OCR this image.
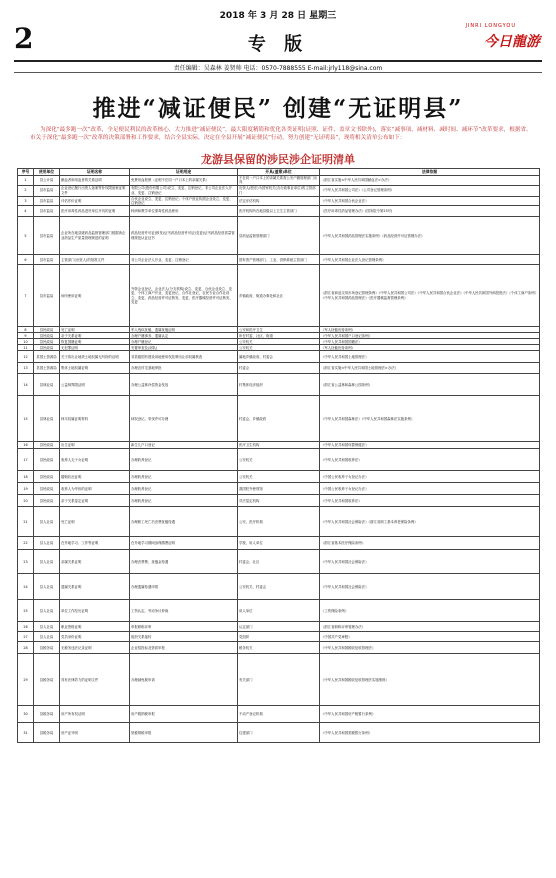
2018 年 3 月 28 日 星期三
2	专 版
JINRI LONGYOU
今日龍游
责任编辑：吴森林 姜贤帅 电话：0570-7888555 E-mail:jrly118@sina.com
推进“减证便民” 创建“无证明县”

为深化“最多跑一次”改革，全足便民利民的改革核心，大力推进“减证便民”，最大限度精简和优化各类证明(证照、证件、盖章文书除外)，落实“减事项、减材料、减时间、减环节”改革要求，根据省、市关于深化“最多跑一次”改革的决策部署和工作要求，结合全县实际，决定在全县开展“减证便民”行动，努力创建“无证明县”，现将相关清单公布如下：

龙游县保留的涉民涉企证明清单
序号	使用单位	证明名称	证明用途	开具(盖章)单位	法律依据
1	县公计局	献血者和用血者的关系证明	免费用血报销（证明不在同一户口本上的亲属关系）	不在同一户口本上的亲属关系需公安户籍管理部门出具	《浙江省实施<中华人民共和国献血法>办法》
2	县市监局	企业登记履行出资人备案等补权限备案证明文件	有限公司(股份有限公司)设立、变更、注销登记，非公司企业法人开业、变更、注销登记	出资人(股东)为国家机关(含行政事业单位)的主管部门	《中华人民共和国公司法》《公司登记管理条例》
3	县市监局	评估作价证明	合伙企业设立、变更、注销登记；个体户营业执照企业设立、变更、注销登记	法定评估机构	《中华人民共和国合伙企业法》
4	县市监局	医疗用毒性药品进货单位开具的证明	科研和教学单位需毒性药品使用	医疗机构所在地县级以上卫生主管部门	《医疗用毒性药品管理办法》(国务院令第23号)
5	县市监局	企业所在地县级药品监督管理部门根据该企业药品生产质量管理规范的证明	药品经营许可证(核发)证书药品经营许可证(变更)证书药品经营质量管理规范认证证书	县药品监督管理部门	《中华人民共和国药品管理法实施条例》《药品经营许可证管理办法》
6	县市监局	主管部门(出资人)的批准文件	非公司企业法人开业、变更、注销登记	国有资产管理部门、工业、供销系统主管部门	《中华人民共和国企业法人登记管理条例》
7	县市监局	场所使用证明	外资企业登记，企业法人(分支机构)设立、变更，合伙企业设立、变更，个体工商户开业、变更登记，合作社登记，农民专业合作社设立、变更，药品经营许可证核发、变更，医疗器械经营许可证核发、变更	乡镇政府、街道办事处和社区	《浙江省商品交易市场登记管理条例》《中华人民共和国公司法》《中华人民共和国合伙企业法》《中华人民共和国外商投资法》《个体工商户条例》《中华人民共和国药品管理法》《医疗器械监督管理条例》
8	县民政局	死亡证明	军人残疾抚恤、遗属抚恤证明	公安和医疗卫生	《军人抚恤优待条例》
9	县民政局	亲子关系证明	办理户籍事务、遗属认定	所在村委、社区、街道	《中华人民共和国户口登记条例》
10	县民政局	恢复国籍证明	办理户籍登记	公安机关	《中华人民共和国国籍法》
11	县民政局	无犯罪证明	安置审查及(部队)	公安机关	《军人抚恤优待条例》
12	县国土资源局	关于拟出让地块土地权属无纠纷的证明	非县级国有建设用地使用权挂牌出让前权属核查	属地乡镇政府、村委会	《中华人民共和国土地管理法》
13	县国土资源局	集体土地权属证明	办理农村宅基地审批	村委会	《浙江省实施<中华人民共和国土地管理法>办法》
14	县林业局	公益林界限证明	办理公益林补偿资金发放	村集体经济组织	《浙江省公益林和森林公园条例》
15	县林业局	林木权属证明材料	林权登记、采伐许可办理	村委会、乡镇政府	《中华人民共和国森林法》《中华人民共和国森林法实施条例》
16	县民政局	出生证明	新生儿户口登记	医疗卫生机构	《中华人民共和国母婴保健法》
17	县民政局	收养人无子女证明	办理收养登记	公安机关	《中华人民共和国收养法》
18	县民政局	婚姻状况证明	办理收养登记	公安机关	《中国公民收养子女登记办法》
19	县民政局	收养人为华侨的证明	办理收养登记	我国驻外使领馆	《中国公民收养子女登记办法》
20	县民政局	亲子关系鉴定证明	办理收养登记	司法鉴定机构	《中华人民共和国收养法》
21	县人社局	死亡证明	办理职工死亡后丧葬抚恤待遇	公安、医疗机构	《中华人民共和国社会保险法》《浙江省职工基本养老保险条例》
22	县人社局	在外地学习、工作等证明	在外地学习期间参保缴费证明	学校、用人单位	《浙江省基本医疗保险条例》
23	县人社局	亲属关系证明	办理丧葬费、抚恤金待遇	村委会、社区	《中华人民共和国社会保险法》
24	县人社局	遗属关系证明	办理遗属待遇申领	公安机关、村委会	《中华人民共和国社会保险法》
25	县人社局	单位工作经历证明	工伤认定、劳动争议仲裁	用人单位	《工伤保险条例》
26	县人社局	职业资格证明	申报职称评审	认定部门	《浙江省职称评审管理办法》
27	县人社局	党员身份证明	组织关系接转	党组织	《中国共产党章程》
28	县税务局	无税务违法记录证明	企业招投标及资质申报	税务机关	《中华人民共和国税收征收管理法》
29	县税务局	具有法律效力的证明文件	办理减免税申请	有关部门	《中华人民共和国税收征收管理法实施细则》
30	县税务局	房产所有权证明	房产税纳税申报	不动产登记机构	《中华人民共和国房产税暂行条例》
31	县税务局	房产证号明	契税纳税申报	住建部门	《中华人民共和国契税暂行条例》
